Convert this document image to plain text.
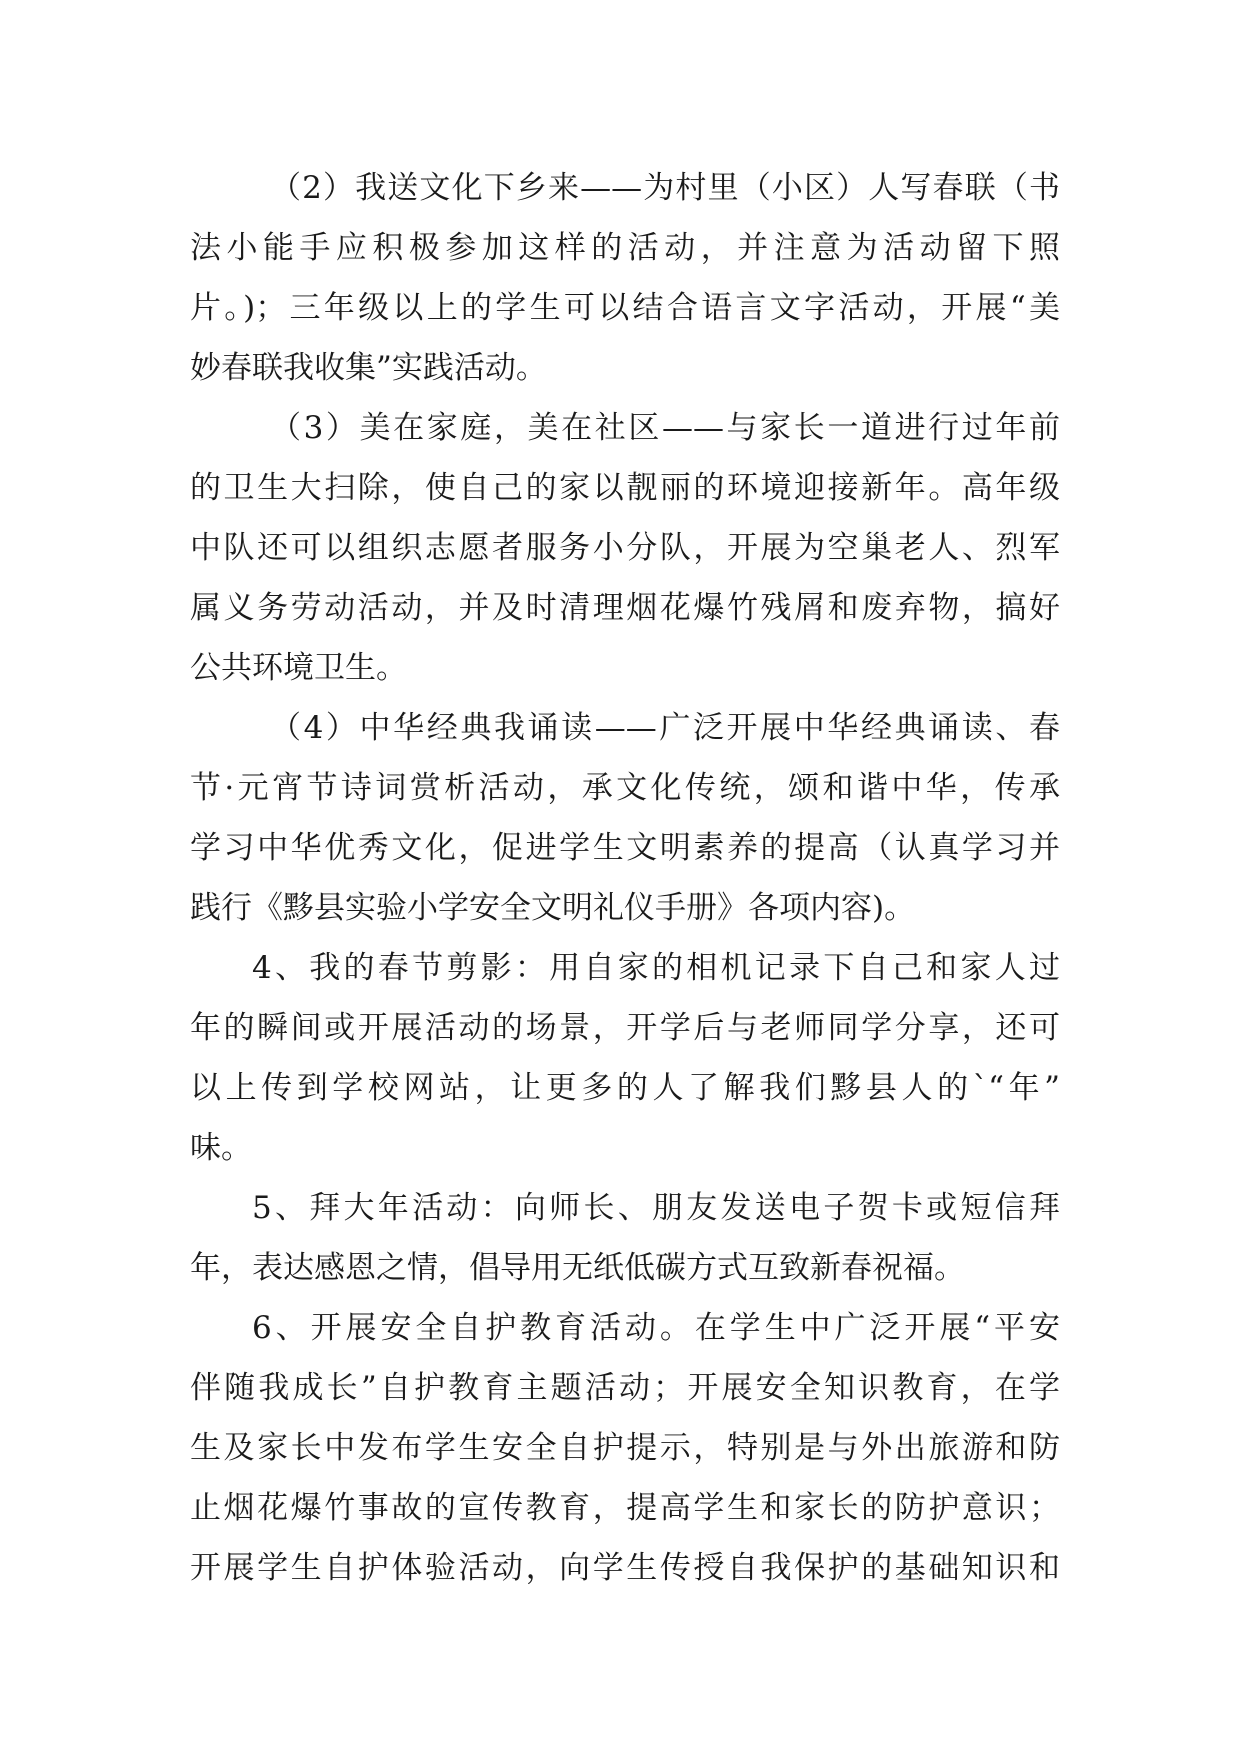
（2）我送文化下乡来——为村里（小区）人写春联（书
法小能手应积极参加这样的活动，并注意为活动留下照
片。)；三年级以上的学生可以结合语言文字活动，开展“美
妙春联我收集”实践活动。
（3）美在家庭，美在社区——与家长一道进行过年前
的卫生大扫除，使自己的家以靓丽的环境迎接新年。高年级
中队还可以组织志愿者服务小分队，开展为空巢老人、烈军
属义务劳动活动，并及时清理烟花爆竹残屑和废弃物，搞好
公共环境卫生。
（4）中华经典我诵读——广泛开展中华经典诵读、春
节·元宵节诗词赏析活动，承文化传统，颂和谐中华，传承
学习中华优秀文化，促进学生文明素养的提高（认真学习并
践行《黟县实验小学安全文明礼仪手册》各项内容)。
4、我的春节剪影：用自家的相机记录下自己和家人过
年的瞬间或开展活动的场景，开学后与老师同学分享，还可
以上传到学校网站，让更多的人了解我们黟县人的`“年”
味。
5、拜大年活动：向师长、朋友发送电子贺卡或短信拜
年，表达感恩之情，倡导用无纸低碳方式互致新春祝福。
6、开展安全自护教育活动。在学生中广泛开展“平安
伴随我成长”自护教育主题活动；开展安全知识教育，在学
生及家长中发布学生安全自护提示，特别是与外出旅游和防
止烟花爆竹事故的宣传教育，提高学生和家长的防护意识；
开展学生自护体验活动，向学生传授自我保护的基础知识和
